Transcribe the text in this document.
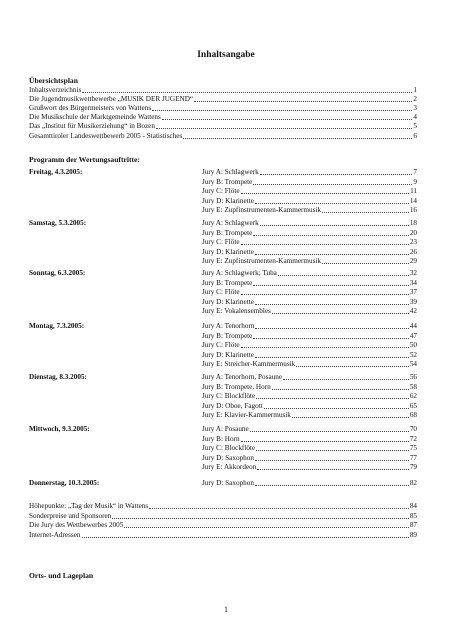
Inhaltsangabe
Übersichtsplan
Inhaltsverzeichnis	1
Die Jugendmusikwettbewerbe „MUSIK DER JUGEND“	2
Grußwort des Bürgermeisters von Wattens	3
Die Musikschule der Marktgemeinde Wattens	4
Das „Institut für Musikerziehung“ in Bozen	5
Gesamttiroler Landeswettbewerb 2005 - Statistisches	6
Programm der Wertungsauftritte:
Freitag, 4.3.2005:	Jury A: Schlagwerk	7
Jury B: Trompete	9
Jury C: Flöte	11
Jury D: Klarinette	14
Jury E: Zupfinstrumenten-Kammermusik	16
Samstag, 5.3.2005:	Jury A: Schlagwerk	18
Jury B: Trompete	20
Jury C: Flöte	23
Jury D: Klarinette	26
Jury E: Zupfinstrumenten-Kammermusik	29
Sonntag, 6.3.2005:	Jury A: Schlagwerk; Tuba	32
Jury B: Trompete	34
Jury C: Flöte	37
Jury D: Klarinette	39
Jury E: Vokalensembles	42
Montag, 7.3.2005:	Jury A: Tenorhorn	44
Jury B: Trompete	47
Jury C: Flöte	50
Jury D: Klarinette	52
Jury E: Streicher-Kammermusik	54
Dienstag, 8.3.2005:	Jury A: Tenorhorn, Posaune	56
Jury B: Trompete, Horn	58
Jury C: Blockflöte	62
Jury D: Oboe, Fagott	65
Jury E: Klavier-Kammermusik	68
Mittwoch, 9.3.2005:	Jury A: Posaune	70
Jury B: Horn	72
Jury C: Blockflöte	75
Jury D: Saxophon	77
Jury E: Akkordeon	79
Donnerstag, 10.3.2005:	Jury D: Saxophon	82
Höhepunkte: „Tag der Musik“ in Wattens	84
Sonderpreise und Sponsoren	85
Die Jury des Wettbewerbes 2005	87
Internet-Adressen	89
Orts- und Lageplan
1
